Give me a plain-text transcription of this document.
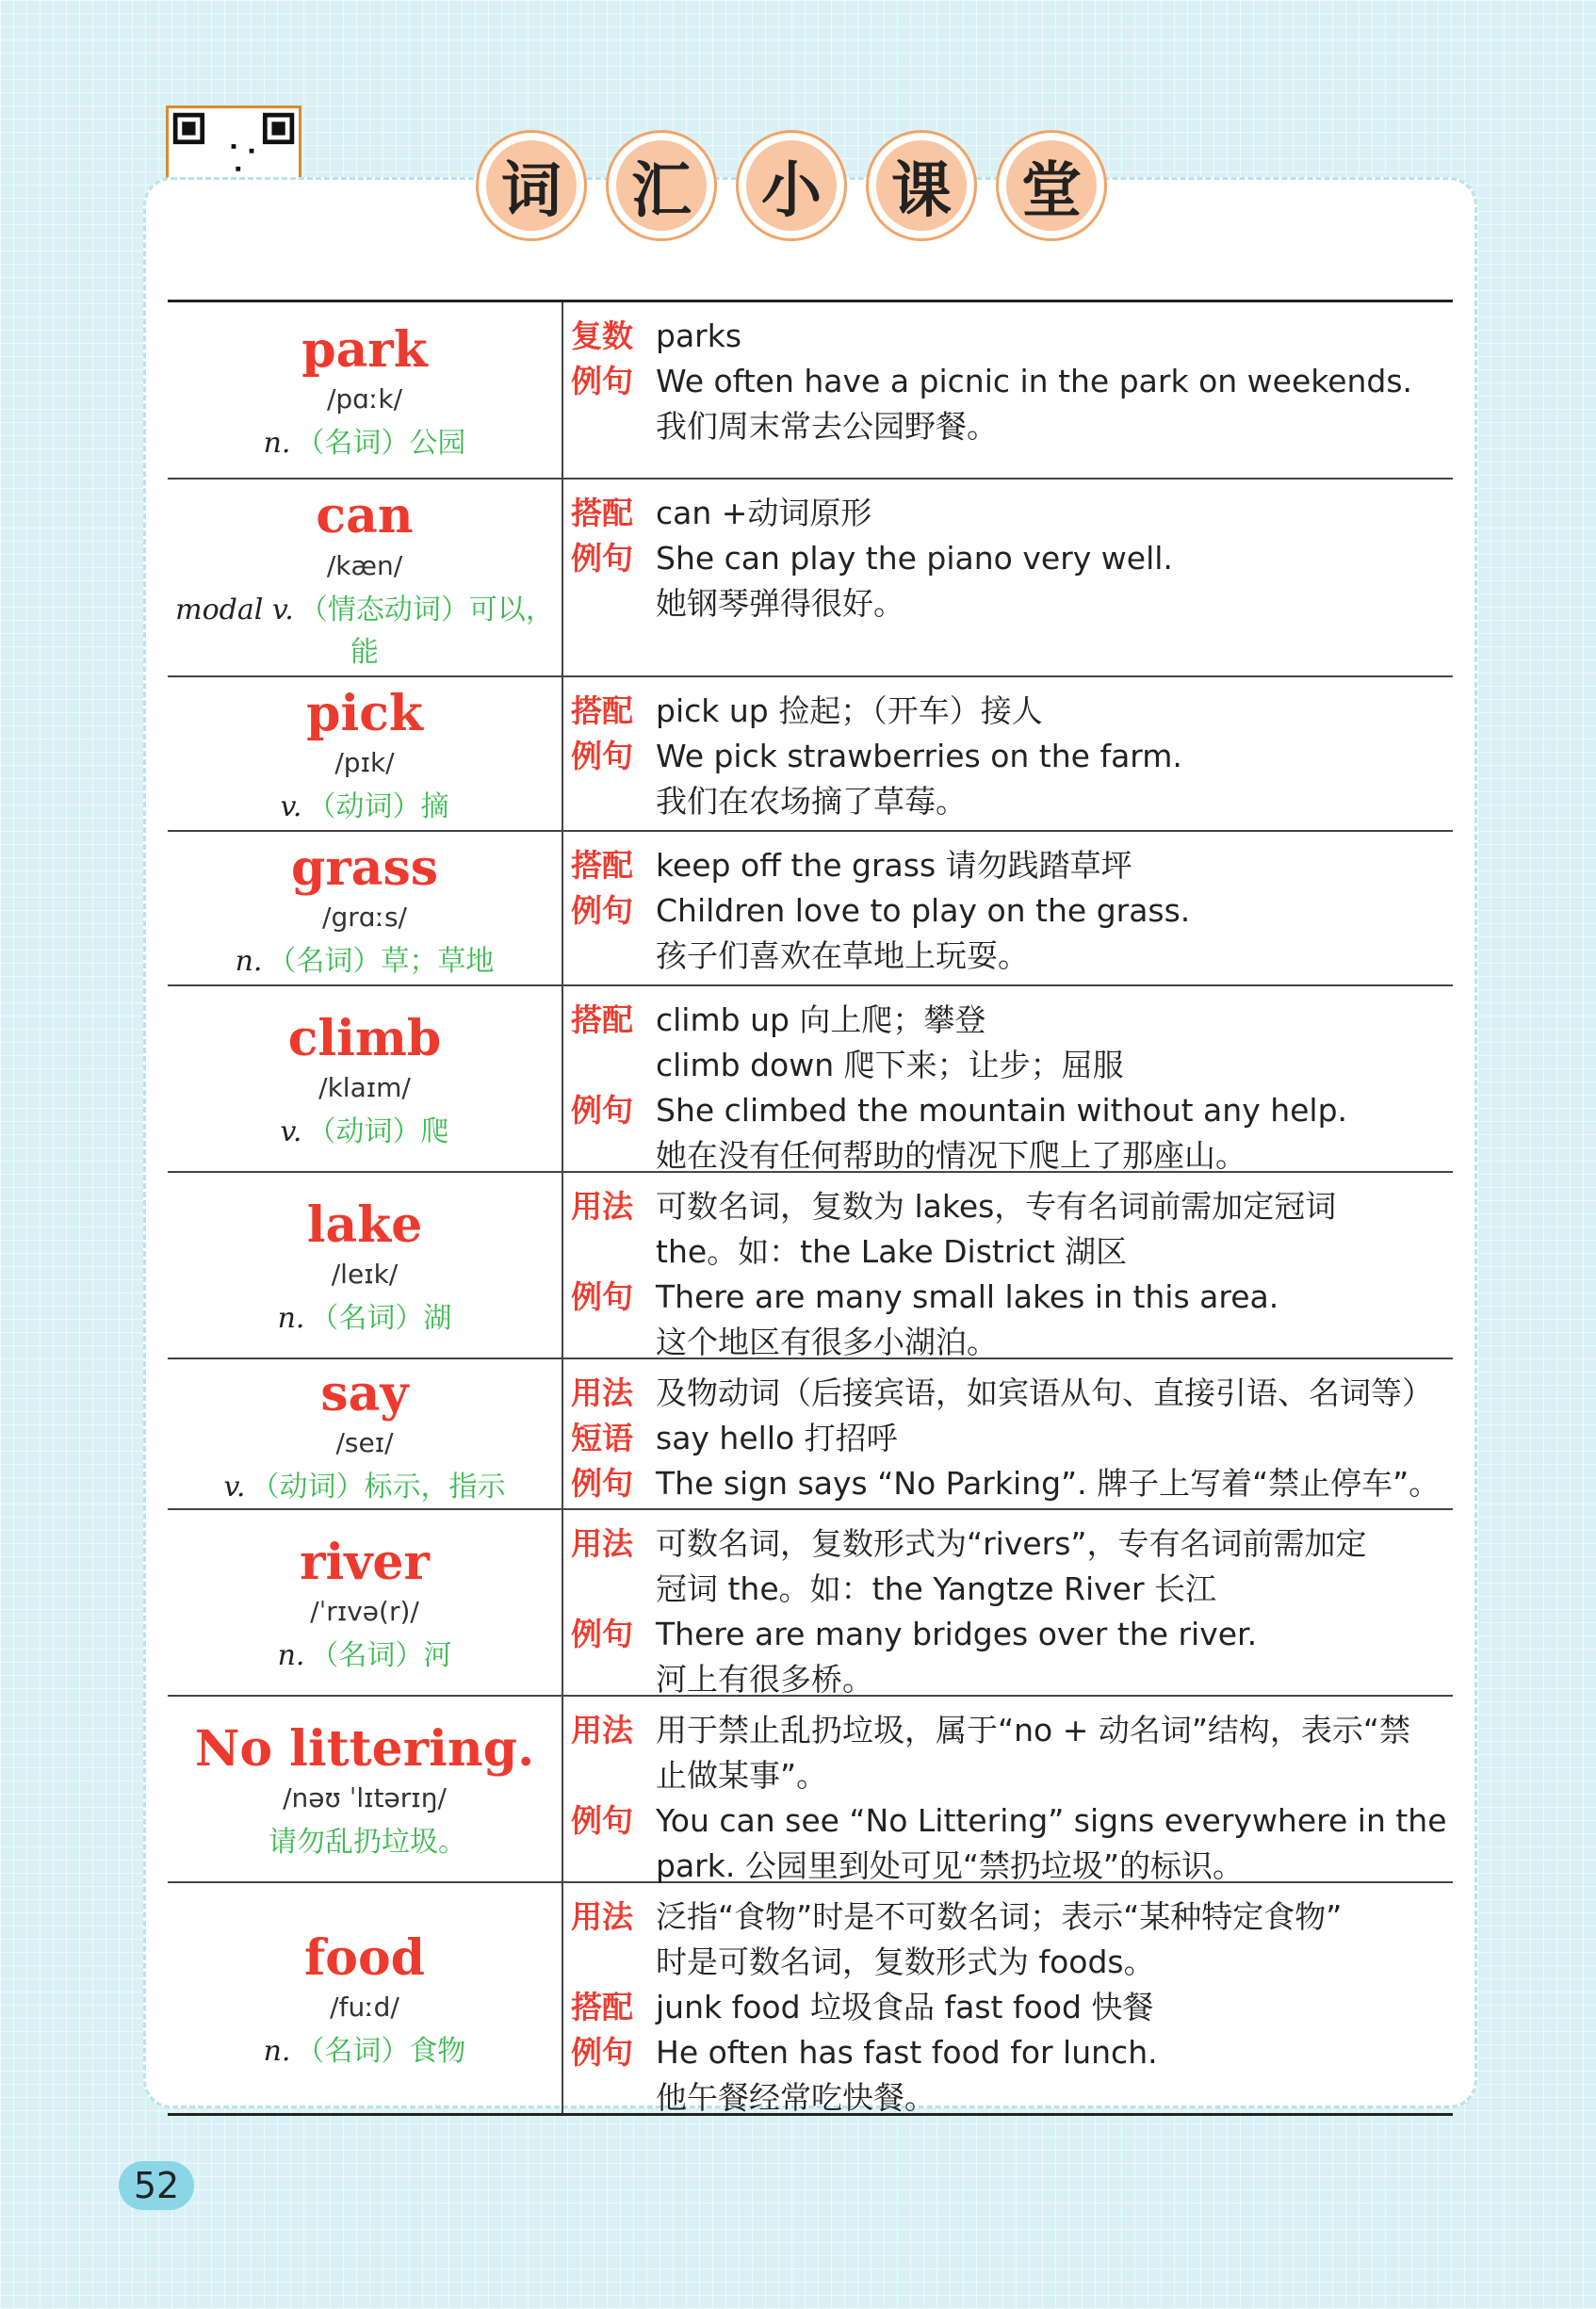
词 汇 小 课 堂
park
/pɑːk/
n. （名词）公园
复数 parks
例句 We often have a picnic in the park on weekends.
我们周末常去公园野餐。
can
/kæn/
modal v. （情态动词）可以，能
搭配 can +动词原形
例句 She can play the piano very well.
她钢琴弹得很好。
pick
/pɪk/
v. （动词）摘
搭配 pick up 捡起；（开车）接人
例句 We pick strawberries on the farm.
我们在农场摘了草莓。
grass
/grɑːs/
n. （名词）草；草地
搭配 keep off the grass 请勿践踏草坪
例句 Children love to play on the grass.
孩子们喜欢在草地上玩耍。
climb
/klaɪm/
v. （动词）爬
搭配 climb up 向上爬；攀登
climb down 爬下来；让步；屈服
例句 She climbed the mountain without any help.
她在没有任何帮助的情况下爬上了那座山。
lake
/leɪk/
n. （名词）湖
用法 可数名词，复数为 lakes，专有名词前需加定冠词
the。如：the Lake District 湖区
例句 There are many small lakes in this area.
这个地区有很多小湖泊。
say
/seɪ/
v. （动词）标示，指示
用法 及物动词（后接宾语，如宾语从句、直接引语、名词等）
短语 say hello 打招呼
例句 The sign says “No Parking”. 牌子上写着“禁止停车”。
river
/ˈrɪvə(r)/
n. （名词）河
用法 可数名词，复数形式为“rivers”，专有名词前需加定
冠词 the。如：the Yangtze River 长江
例句 There are many bridges over the river.
河上有很多桥。
No littering.
/nəʊ ˈlɪtərɪŋ/
请勿乱扔垃圾。
用法 用于禁止乱扔垃圾，属于“no + 动名词”结构，表示“禁
止做某事”。
例句 You can see “No Littering” signs everywhere in the
park. 公园里到处可见“禁扔垃圾”的标识。
food
/fuːd/
n. （名词）食物
用法 泛指“食物”时是不可数名词；表示“某种特定食物”
时是可数名词，复数形式为 foods。
搭配 junk food 垃圾食品 fast food 快餐
例句 He often has fast food for lunch.
他午餐经常吃快餐。
52
